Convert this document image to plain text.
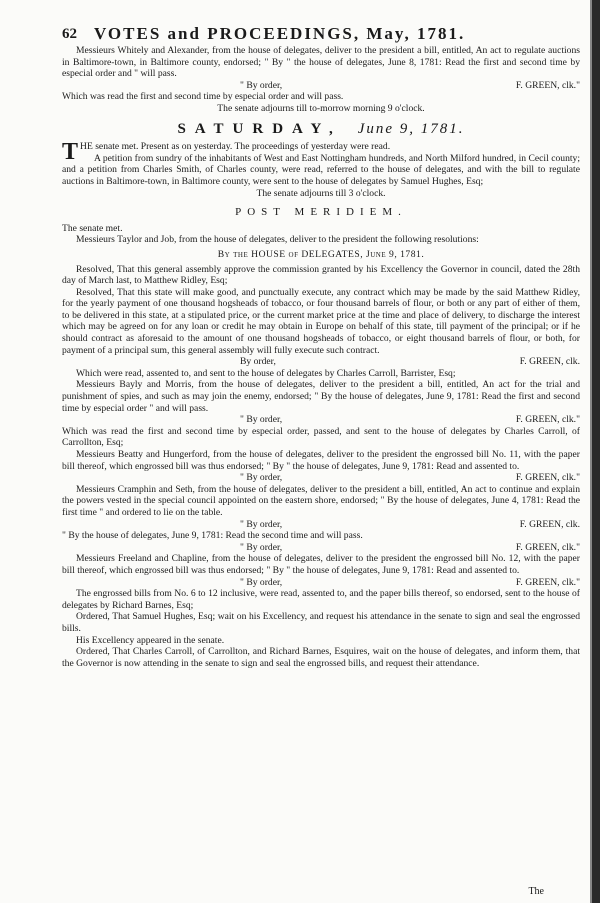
62 VOTES and PROCEEDINGS, May, 1781.

Messieurs Whitely and Alexander, from the house of delegates, deliver to the president a bill, entitled, An act to regulate auctions in Baltimore-town, in Baltimore county, endorsed; " By " the house of delegates, June 8, 1781: Read the first and second time by especial order and " will pass.

" By order,	F. GREEN, clk."

Which was read the first and second time by especial order and will pass.

The senate adjourns till to-morrow morning 9 o'clock.

SATURDAY, June 9, 1781.

THE senate met. Present as on yesterday. The proceedings of yesterday were read.

A petition from sundry of the inhabitants of West and East Nottingham hundreds, and North Milford hundred, in Cecil county; and a petition from Charles Smith, of Charles county, were read, referred to the house of delegates, and with the bill to regulate auctions in Baltimore-town, in Baltimore county, were sent to the house of delegates by Samuel Hughes, Esq;

The senate adjourns till 3 o'clock.

POST MERIDIEM.

The senate met.

Messieurs Taylor and Job, from the house of delegates, deliver to the president the following resolutions:

By the HOUSE of DELEGATES, June 9, 1781.

Resolved, That this general assembly approve the commission granted by his Excellency the Governor in council, dated the 28th day of March last, to Matthew Ridley, Esq;

Resolved, That this state will make good, and punctually execute, any contract which may be made by the said Matthew Ridley, for the yearly payment of one thousand hogsheads of tobacco, or four thousand barrels of flour, or both or any part of either of them, to be delivered in this state, at a stipulated price, or the current market price at the time and place of delivery, to discharge the interest which may be agreed on for any loan or credit he may obtain in Europe on behalf of this state, till payment of the principal; or if he should contract as aforesaid to the amount of one thousand hogsheads of tobacco, or eight thousand barrels of flour, or both, for payment of a principal sum, this general assembly will fully execute such contract.

By order,	F. GREEN, clk.

Which were read, assented to, and sent to the house of delegates by Charles Carroll, Barrister, Esq;

Messieurs Bayly and Morris, from the house of delegates, deliver to the president a bill, entitled, An act for the trial and punishment of spies, and such as may join the enemy, endorsed; " By the house of delegates, June 9, 1781: Read the first and second time by especial order " and will pass.

" By order,	F. GREEN, clk."

Which was read the first and second time by especial order, passed, and sent to the house of delegates by Charles Carroll, of Carrollton, Esq;

Messieurs Beatty and Hungerford, from the house of delegates, deliver to the president the engrossed bill No. 11, with the paper bill thereof, which engrossed bill was thus endorsed; " By " the house of delegates, June 9, 1781: Read and assented to.

" By order,	F. GREEN, clk."

Messieurs Cramphin and Seth, from the house of delegates, deliver to the president a bill, entitled, An act to continue and explain the powers vested in the special council appointed on the eastern shore, endorsed; " By the house of delegates, June 4, 1781: Read the first time " and ordered to lie on the table.

" By order,	F. GREEN, clk.

" By the house of delegates, June 9, 1781: Read the second time and will pass.

" By order,	F. GREEN, clk."

Messieurs Freeland and Chapline, from the house of delegates, deliver to the president the engrossed bill No. 12, with the paper bill thereof, which engrossed bill was thus endorsed; " By " the house of delegates, June 9, 1781: Read and assented to.

" By order,	F. GREEN, clk."

The engrossed bills from No. 6 to 12 inclusive, were read, assented to, and the paper bills thereof, so endorsed, sent to the house of delegates by Richard Barnes, Esq;

Ordered, That Samuel Hughes, Esq; wait on his Excellency, and request his attendance in the senate to sign and seal the engrossed bills.

His Excellency appeared in the senate.

Ordered, That Charles Carroll, of Carrollton, and Richard Barnes, Esquires, wait on the house of delegates, and inform them, that the Governor is now attending in the senate to sign and seal the engrossed bills, and request their attendance.

The
